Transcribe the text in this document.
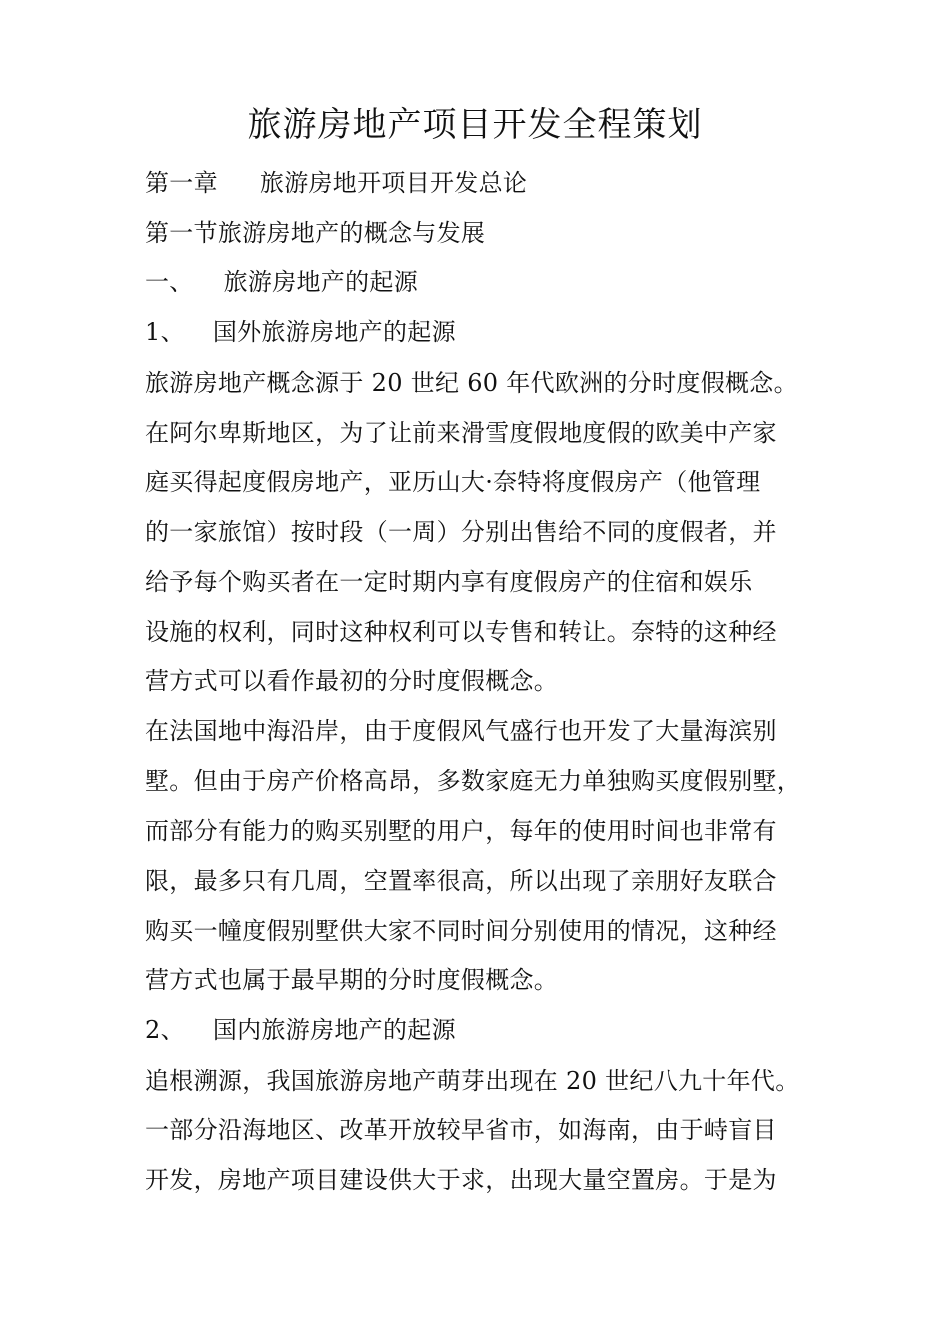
旅游房地产项目开发全程策划
第一章 旅游房地开项目开发总论
第一节旅游房地产的概念与发展
一、 旅游房地产的起源
1、 国外旅游房地产的起源
旅游房地产概念源于 20 世纪 60 年代欧洲的分时度假概念。
在阿尔卑斯地区，为了让前来滑雪度假地度假的欧美中产家
庭买得起度假房地产，亚历山大·奈特将度假房产（他管理
的一家旅馆）按时段（一周）分别出售给不同的度假者，并
给予每个购买者在一定时期内享有度假房产的住宿和娱乐
设施的权利，同时这种权利可以专售和转让。奈特的这种经
营方式可以看作最初的分时度假概念。
在法国地中海沿岸，由于度假风气盛行也开发了大量海滨别
墅。但由于房产价格高昂，多数家庭无力单独购买度假别墅，
而部分有能力的购买别墅的用户，每年的使用时间也非常有
限，最多只有几周，空置率很高，所以出现了亲朋好友联合
购买一幢度假别墅供大家不同时间分别使用的情况，这种经
营方式也属于最早期的分时度假概念。
2、 国内旅游房地产的起源
追根溯源，我国旅游房地产萌芽出现在 20 世纪八九十年代。
一部分沿海地区、改革开放较早省市，如海南，由于峙盲目
开发，房地产项目建设供大于求，出现大量空置房。于是为
